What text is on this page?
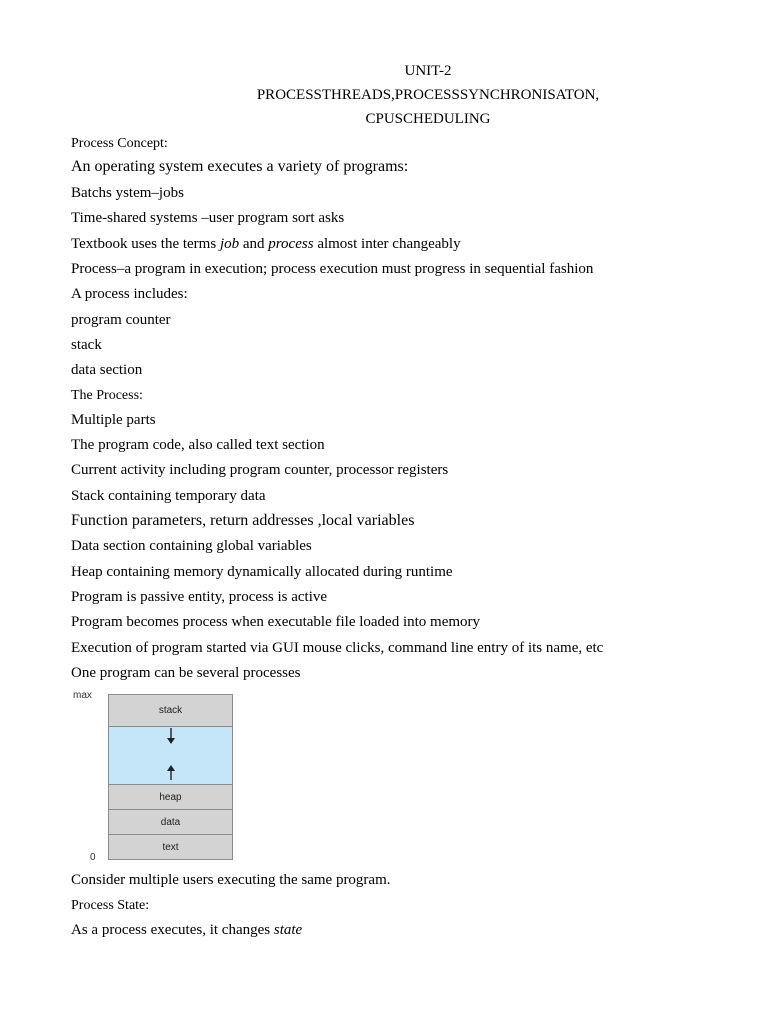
UNIT-2
PROCESSTHREADS,PROCESSSYNCHRONISATON,
CPUSCHEDULING
Process Concept:
An operating system executes a variety of programs:
Batchs ystem–jobs
Time-shared systems –user program sort asks
Textbook uses the terms job and process almost inter changeably
Process–a program in execution; process execution must progress in sequential fashion
A process includes:
program counter
stack
data section
The Process:
Multiple parts
The program code, also called text section
Current activity including program counter, processor registers
Stack containing temporary data
Function parameters, return addresses ,local variables
Data section containing global variables
Heap containing memory dynamically allocated during runtime
Program is passive entity, process is active
Program becomes process when executable file loaded into memory
Execution of program started via GUI mouse clicks, command line entry of its name, etc
One program can be several processes
max
0
stack
heap
data
text
Consider multiple users executing the same program.
Process State:
As a process executes, it changes state
